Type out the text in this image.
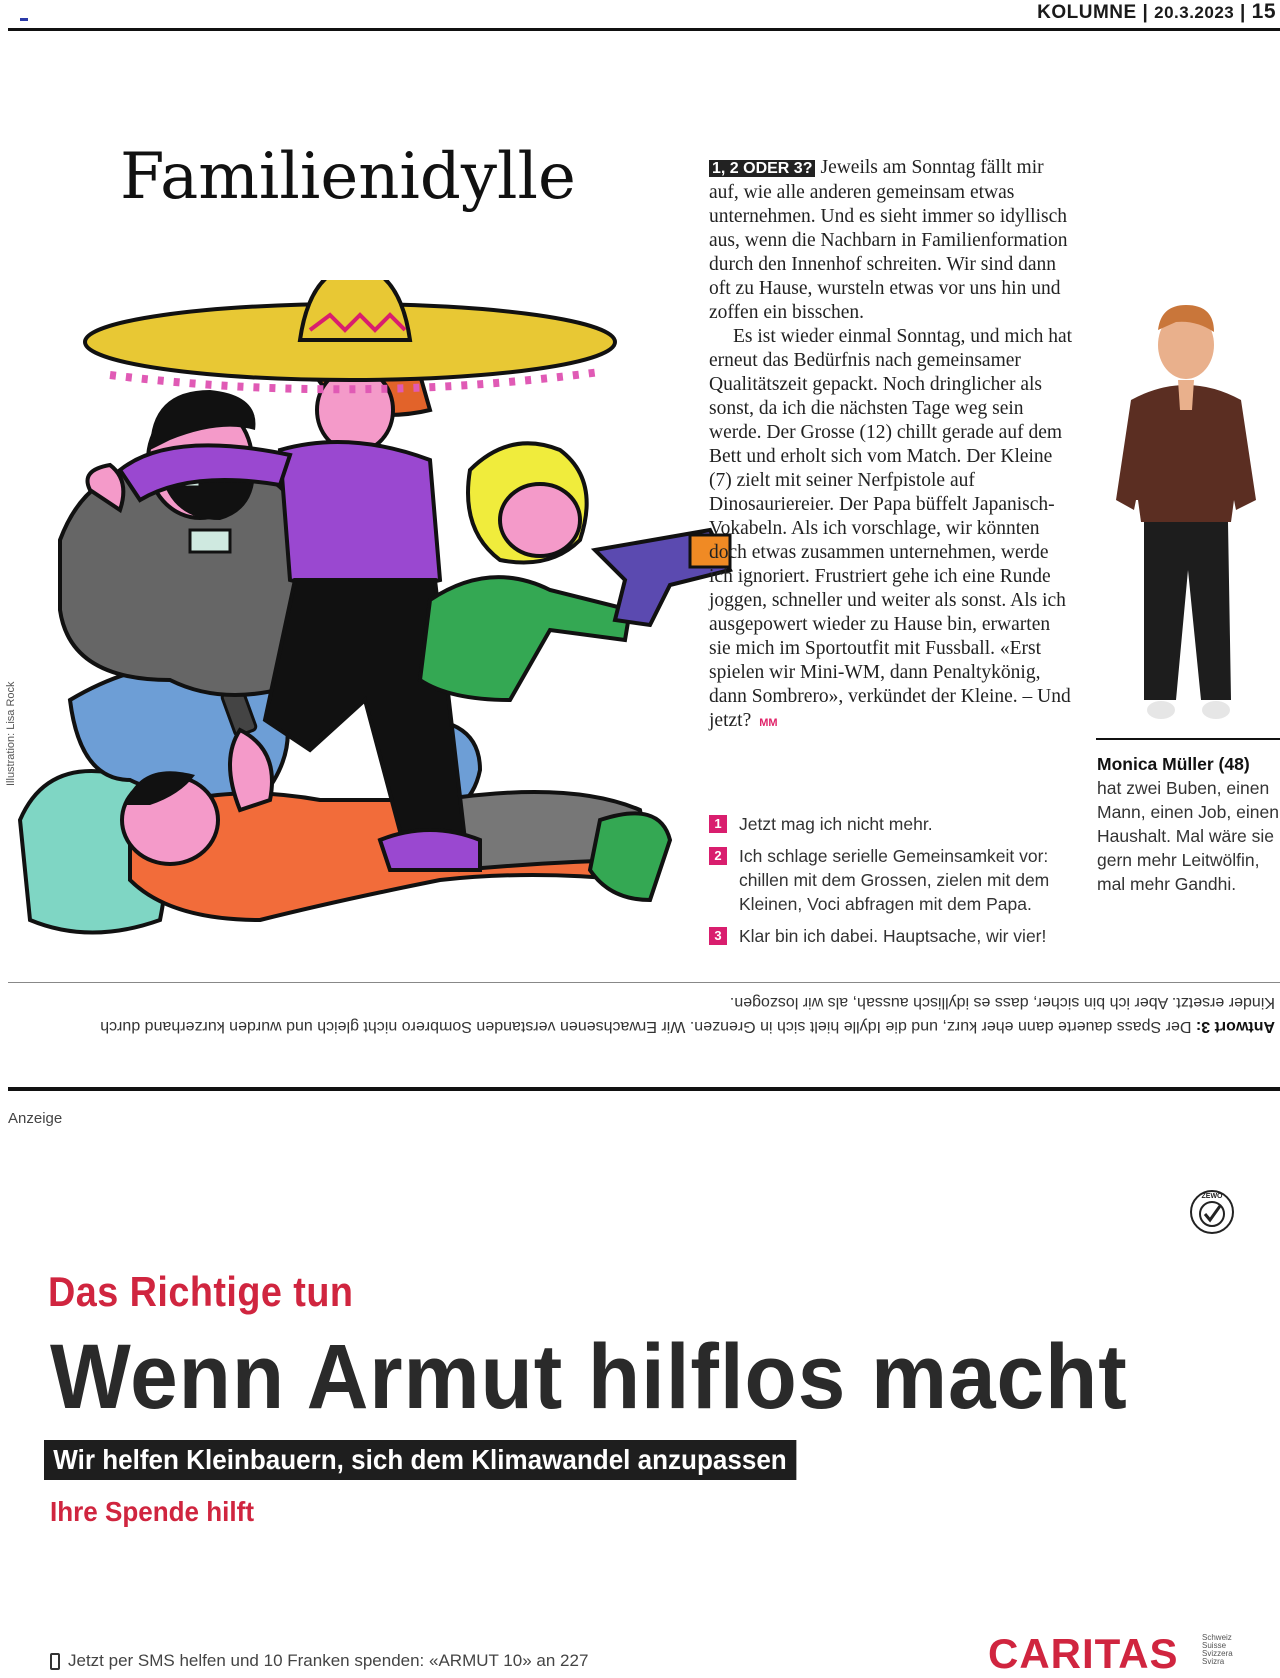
KOLUMNE | 20.3.2023 | 15
Familienidylle
Illustration: Lisa Rock

1, 2 ODER 3? Jeweils am Sonntag fällt mir auf, wie alle anderen gemeinsam etwas unternehmen. Und es sieht immer so idyllisch aus, wenn die Nachbarn in Familienformation durch den Innenhof schreiten. Wir sind dann oft zu Hause, wursteln etwas vor uns hin und zoffen ein bisschen.

Es ist wieder einmal Sonntag, und mich hat erneut das Bedürfnis nach gemeinsamer Qualitätszeit gepackt. Noch dringlicher als sonst, da ich die nächsten Tage weg sein werde. Der Grosse (12) chillt gerade auf dem Bett und erholt sich vom Match. Der Kleine (7) zielt mit seiner Nerfpistole auf Dinosauriereier. Der Papa büffelt Japanisch-Vokabeln. Als ich vorschlage, wir könnten doch etwas zusammen unternehmen, werde ich ignoriert. Frustriert gehe ich eine Runde joggen, schneller und weiter als sonst. Als ich ausgepowert wieder zu Hause bin, erwarten sie mich im Sportoutfit mit Fussball. «Erst spielen wir Mini-WM, dann Penaltykönig, dann Sombrero», verkündet der Kleine. – Und jetzt? MM

1 Jetzt mag ich nicht mehr.
2 Ich schlage serielle Gemeinsamkeit vor: chillen mit dem Grossen, zielen mit dem Kleinen, Voci abfragen mit dem Papa.
3 Klar bin ich dabei. Hauptsache, wir vier!
Monica Müller (48)
hat zwei Buben, einen Mann, einen Job, einen Haushalt. Mal wäre sie gern mehr Leitwölfin, mal mehr Gandhi.
Antwort 3: Der Spass dauerte dann eher kurz, und die Idylle hielt sich in Grenzen. Wir Erwachsenen verstanden Sombrero nicht gleich und wurden kurzerhand durch Kinder ersetzt. Aber ich bin sicher, dass es idyllisch aussah, als wir loszogen.
Anzeige
ZEWO
Das Richtige tun
Wenn Armut hilflos macht
Wir helfen Kleinbauern, sich dem Klimawandel anzupassen
Ihre Spende hilft
Jetzt per SMS helfen und 10 Franken spenden: «ARMUT 10» an 227	CARITAS	Schweiz
Suisse
Svizzera
Svizra
